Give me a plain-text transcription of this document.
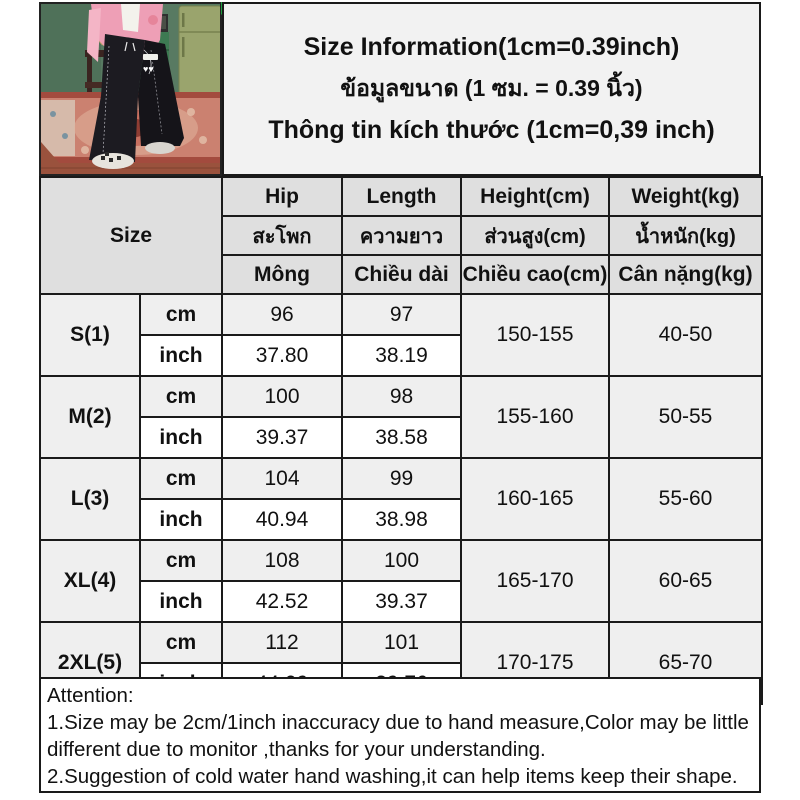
♥♥
Size Information(1cm=0.39inch)
ข้อมูลขนาด (1 ซม. = 0.39 นิ้ว)
Thông tin kích thước (1cm=0,39 inch)
Size		Hip	Length	Height(cm)	Weight(kg)
		สะโพก	ความยาว	ส่วนสูง(cm)	น้ำหนัก(kg)
		Mông	Chiều dài	Chiều cao(cm)	Cân nặng(kg)
S(1)	cm	96	97	150-155	40-50
	inch	37.80	38.19		
M(2)	cm	100	98	155-160	50-55
	inch	39.37	38.58		
L(3)	cm	104	99	160-165	55-60
	inch	40.94	38.98		
XL(4)	cm	108	100	165-170	60-65
	inch	42.52	39.37		
2XL(5)	cm	112	101	170-175	65-70

Attention:
1.Size may be 2cm/1inch inaccuracy due to hand measure,Color may be little different due to monitor ,thanks for your understanding.
2.Suggestion of cold water hand washing,it can help items keep their shape.
